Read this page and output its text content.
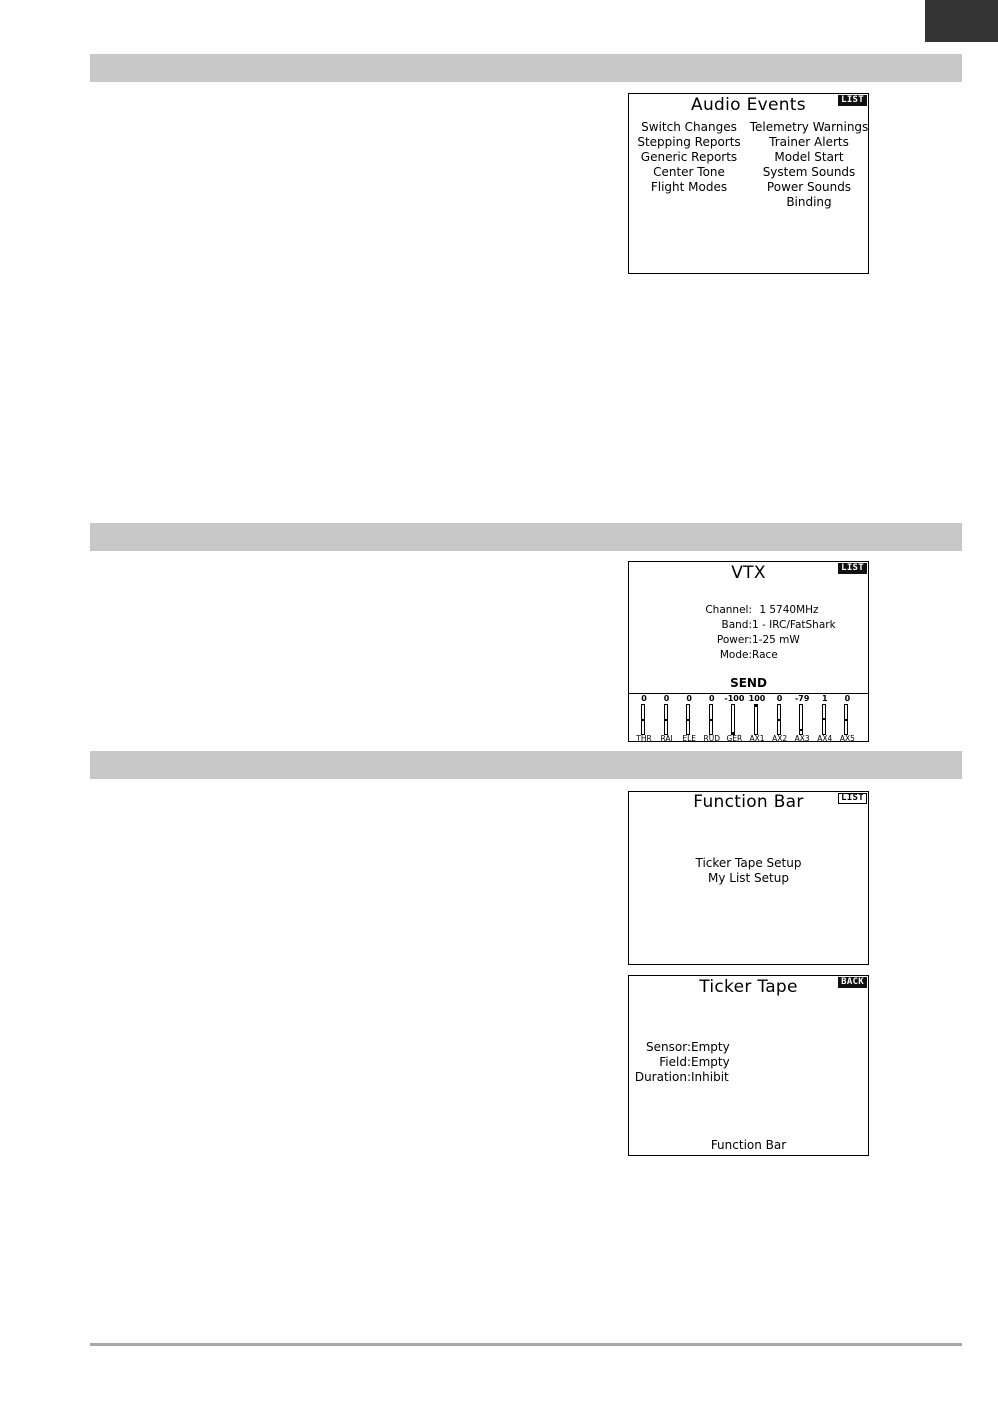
Audio Events	LIST
Switch Changes
Stepping Reports
Generic Reports
Center Tone
Flight Modes
Telemetry Warnings
Trainer Alerts
Model Start
System Sounds
Power Sounds
Binding
VTX	LIST
Channel: 1 5740MHz
Band:1 - IRC/FatShark
Power:1-25 mW
Mode:Race
SEND
0
THR
0
RAI
0
ELE
0
RUD
-100
GER
100
AX1
0
AX2
-79
AX3
1
AX4
0
AX5
Function Bar	LIST
Ticker Tape Setup
My List Setup
Ticker Tape	BACK
Sensor:Empty
Field:Empty
Duration:Inhibit
Function Bar
